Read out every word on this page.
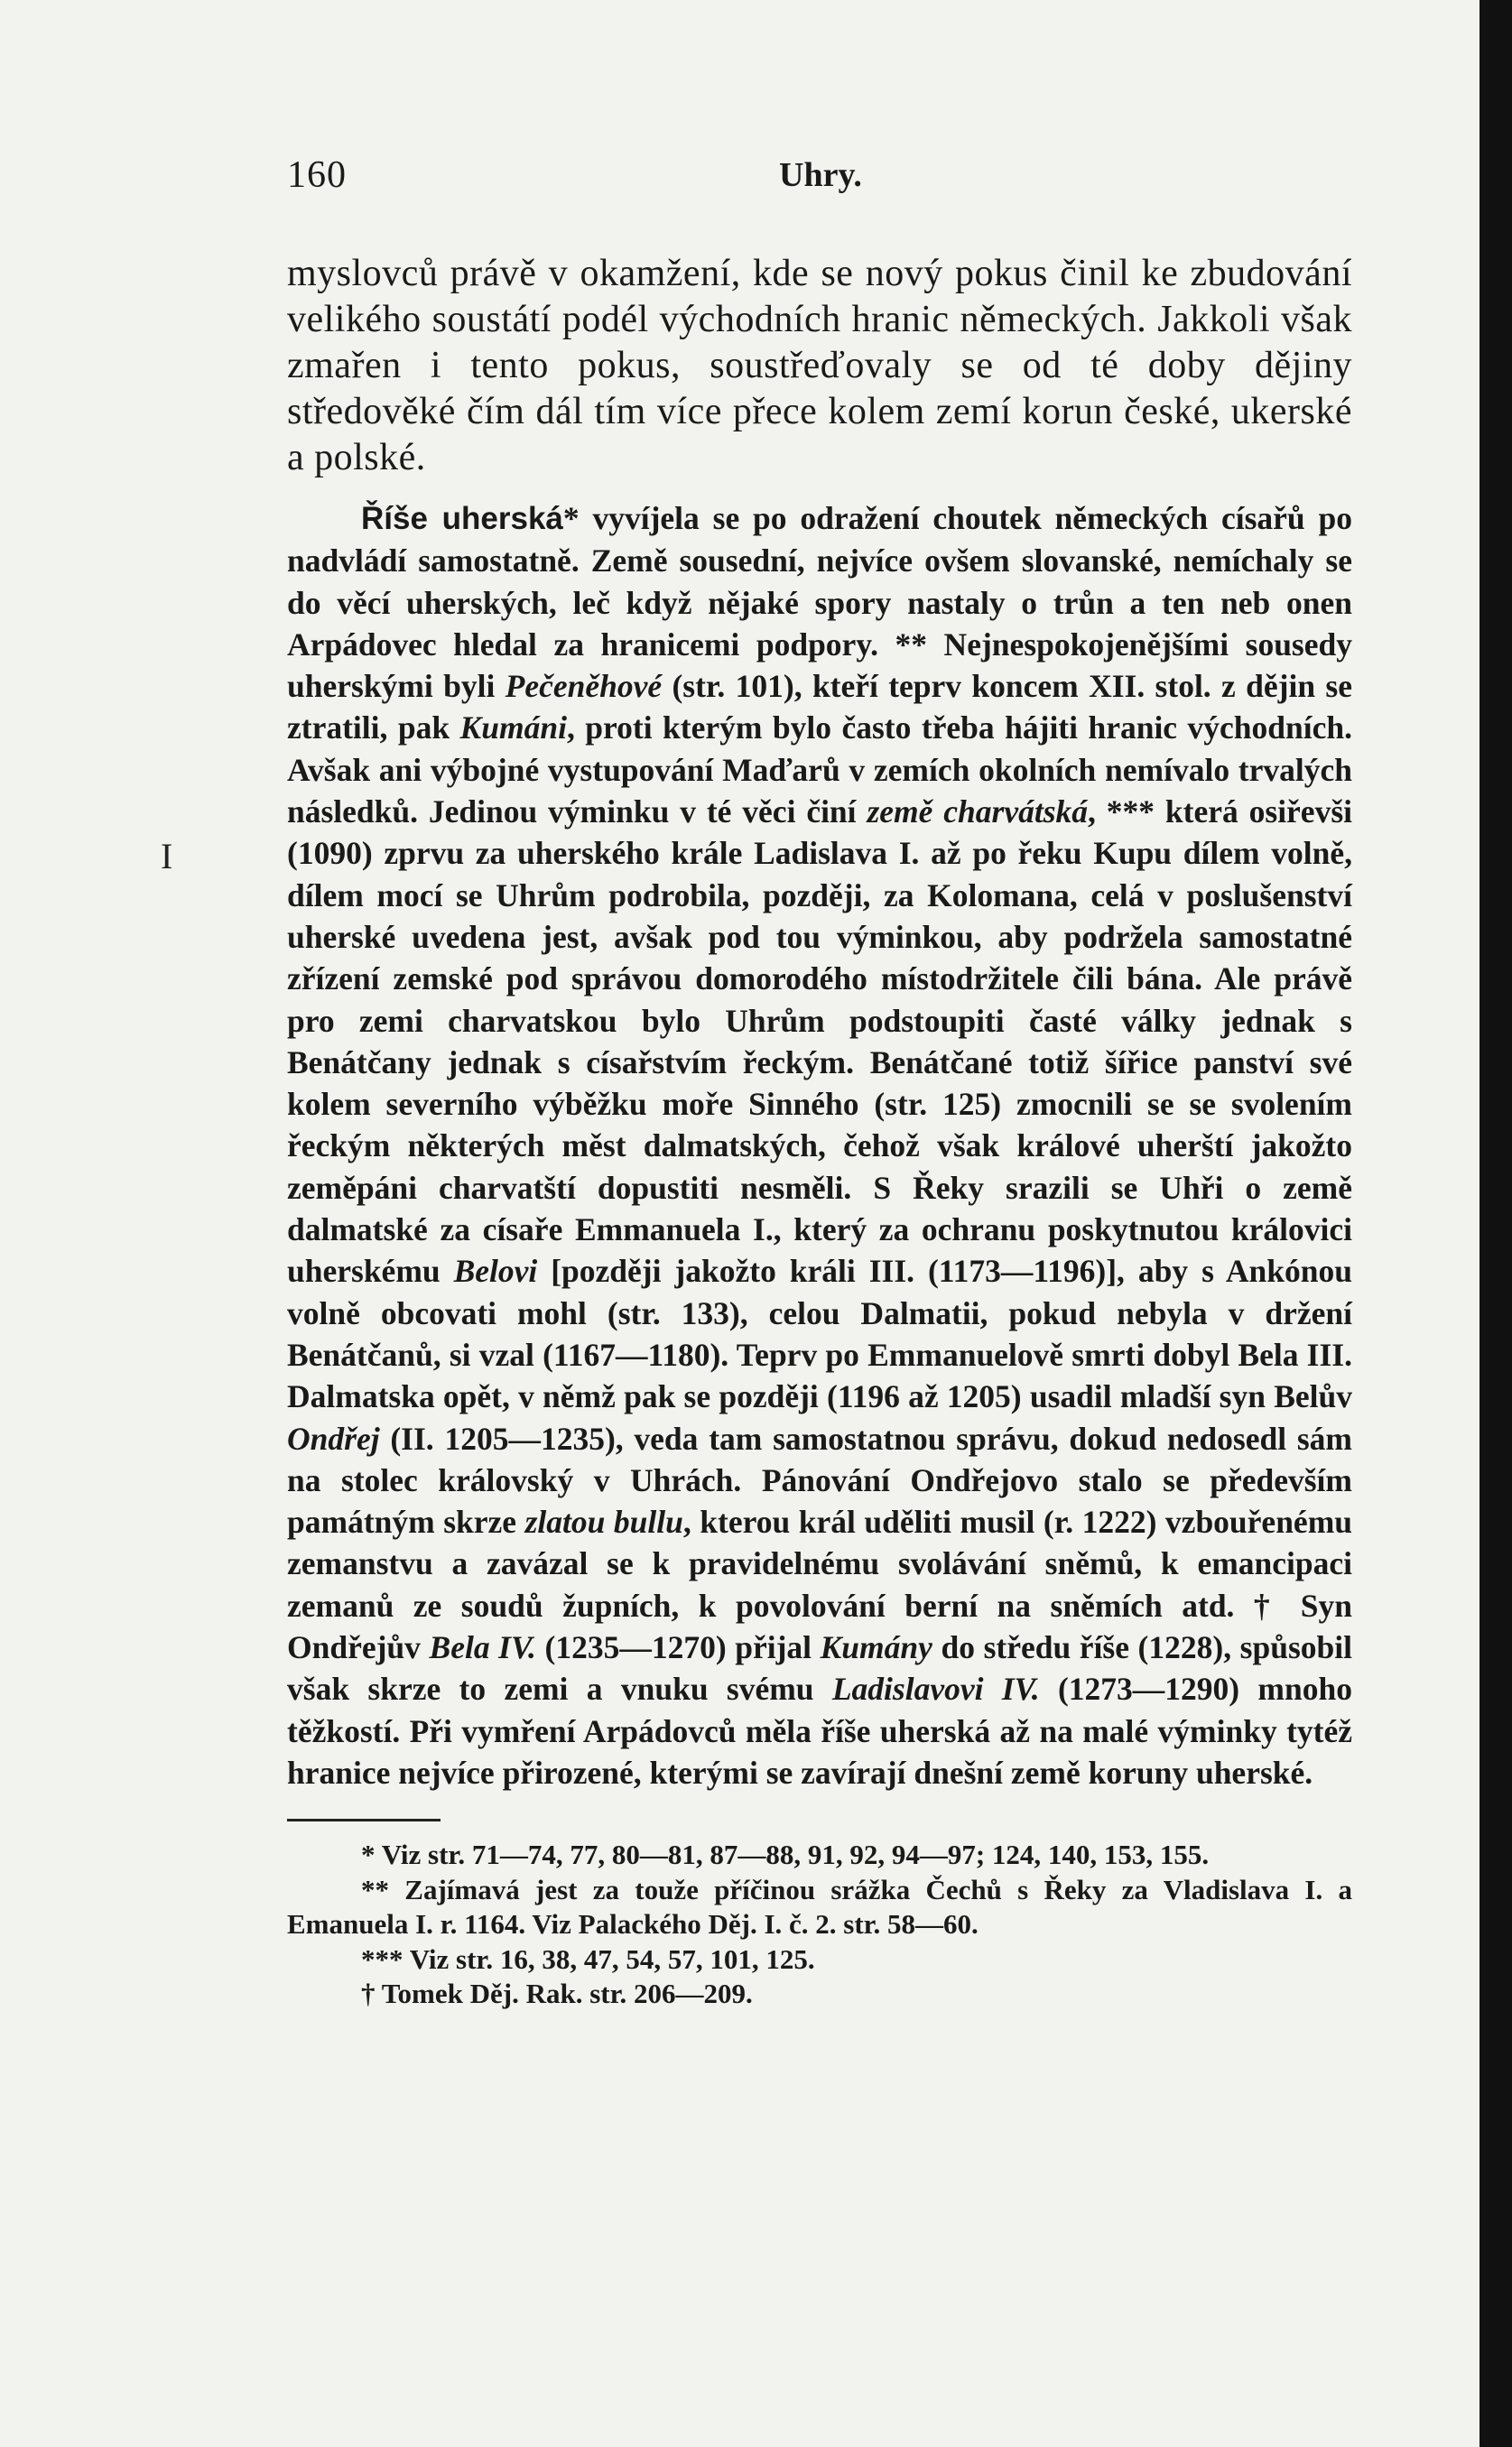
I
160	Uhry.
myslovců právě v okamžení, kde se nový pokus činil ke zbudování velikého soustátí podél východních hranic německých. Jakkoli však zmařen i tento pokus, soustřeďovaly se od té doby dějiny středověké čím dál tím více přece kolem zemí korun české, ukerské a polské.

Říše uherská* vyvíjela se po odražení choutek německých císařů po nadvládí samostatně. Země sousední, nejvíce ovšem slovanské, nemíchaly se do věcí uherských, leč když nějaké spory nastaly o trůn a ten neb onen Arpádovec hledal za hranicemi podpory. ** Nejnespokojenějšími sousedy uherskými byli Pečeněhové (str. 101), kteří teprv koncem XII. stol. z dějin se ztratili, pak Kumáni, proti kterým bylo často třeba hájiti hranic východních. Avšak ani výbojné vystupování Maďarů v zemích okolních nemívalo trvalých následků. Jedinou výminku v té věci činí země charvátská, *** která osiřevši (1090) zprvu za uherského krále Ladislava I. až po řeku Kupu dílem volně, dílem mocí se Uhrům podrobila, později, za Kolomana, celá v poslušenství uherské uvedena jest, avšak pod tou výminkou, aby podržela samostatné zřízení zemské pod správou domorodého místodržitele čili bána. Ale právě pro zemi charvatskou bylo Uhrům podstoupiti časté války jednak s Benátčany jednak s císařstvím řeckým. Benátčané totiž šířice panství své kolem severního výběžku moře Sinného (str. 125) zmocnili se se svolením řeckým některých měst dalmatských, čehož však králové uherští jakožto zeměpáni charvatští dopustiti nesměli. S Řeky srazili se Uhři o země dalmatské za císaře Emmanuela I., který za ochranu poskytnutou královici uherskému Belovi [později jakožto králi III. (1173—1196)], aby s Ankónou volně obcovati mohl (str. 133), celou Dalmatii, pokud nebyla v držení Benátčanů, si vzal (1167—1180). Teprv po Emmanuelově smrti dobyl Bela III. Dalmatska opět, v němž pak se později (1196 až 1205) usadil mladší syn Belův Ondřej (II. 1205—1235), veda tam samostatnou správu, dokud nedosedl sám na stolec královský v Uhrách. Pánování Ondřejovo stalo se především památným skrze zlatou bullu, kterou král uděliti musil (r. 1222) vzbouřenému zemanstvu a zavázal se k pravidelnému svolávání sněmů, k emancipaci zemanů ze soudů župních, k povolování berní na sněmích atd. † Syn Ondřejův Bela IV. (1235—1270) přijal Kumány do středu říše (1228), spůsobil však skrze to zemi a vnuku svému Ladislavovi IV. (1273—1290) mnoho těžkostí. Při vymření Arpádovců měla říše uherská až na malé výminky tytéž hranice nejvíce přirozené, kterými se zavírají dnešní země koruny uherské.

* Viz str. 71—74, 77, 80—81, 87—88, 91, 92, 94—97; 124, 140, 153, 155.

** Zajímavá jest za touže příčinou srážka Čechů s Řeky za Vladislava I. a Emanuela I. r. 1164. Viz Palackého Děj. I. č. 2. str. 58—60.

*** Viz str. 16, 38, 47, 54, 57, 101, 125.

† Tomek Děj. Rak. str. 206—209.
